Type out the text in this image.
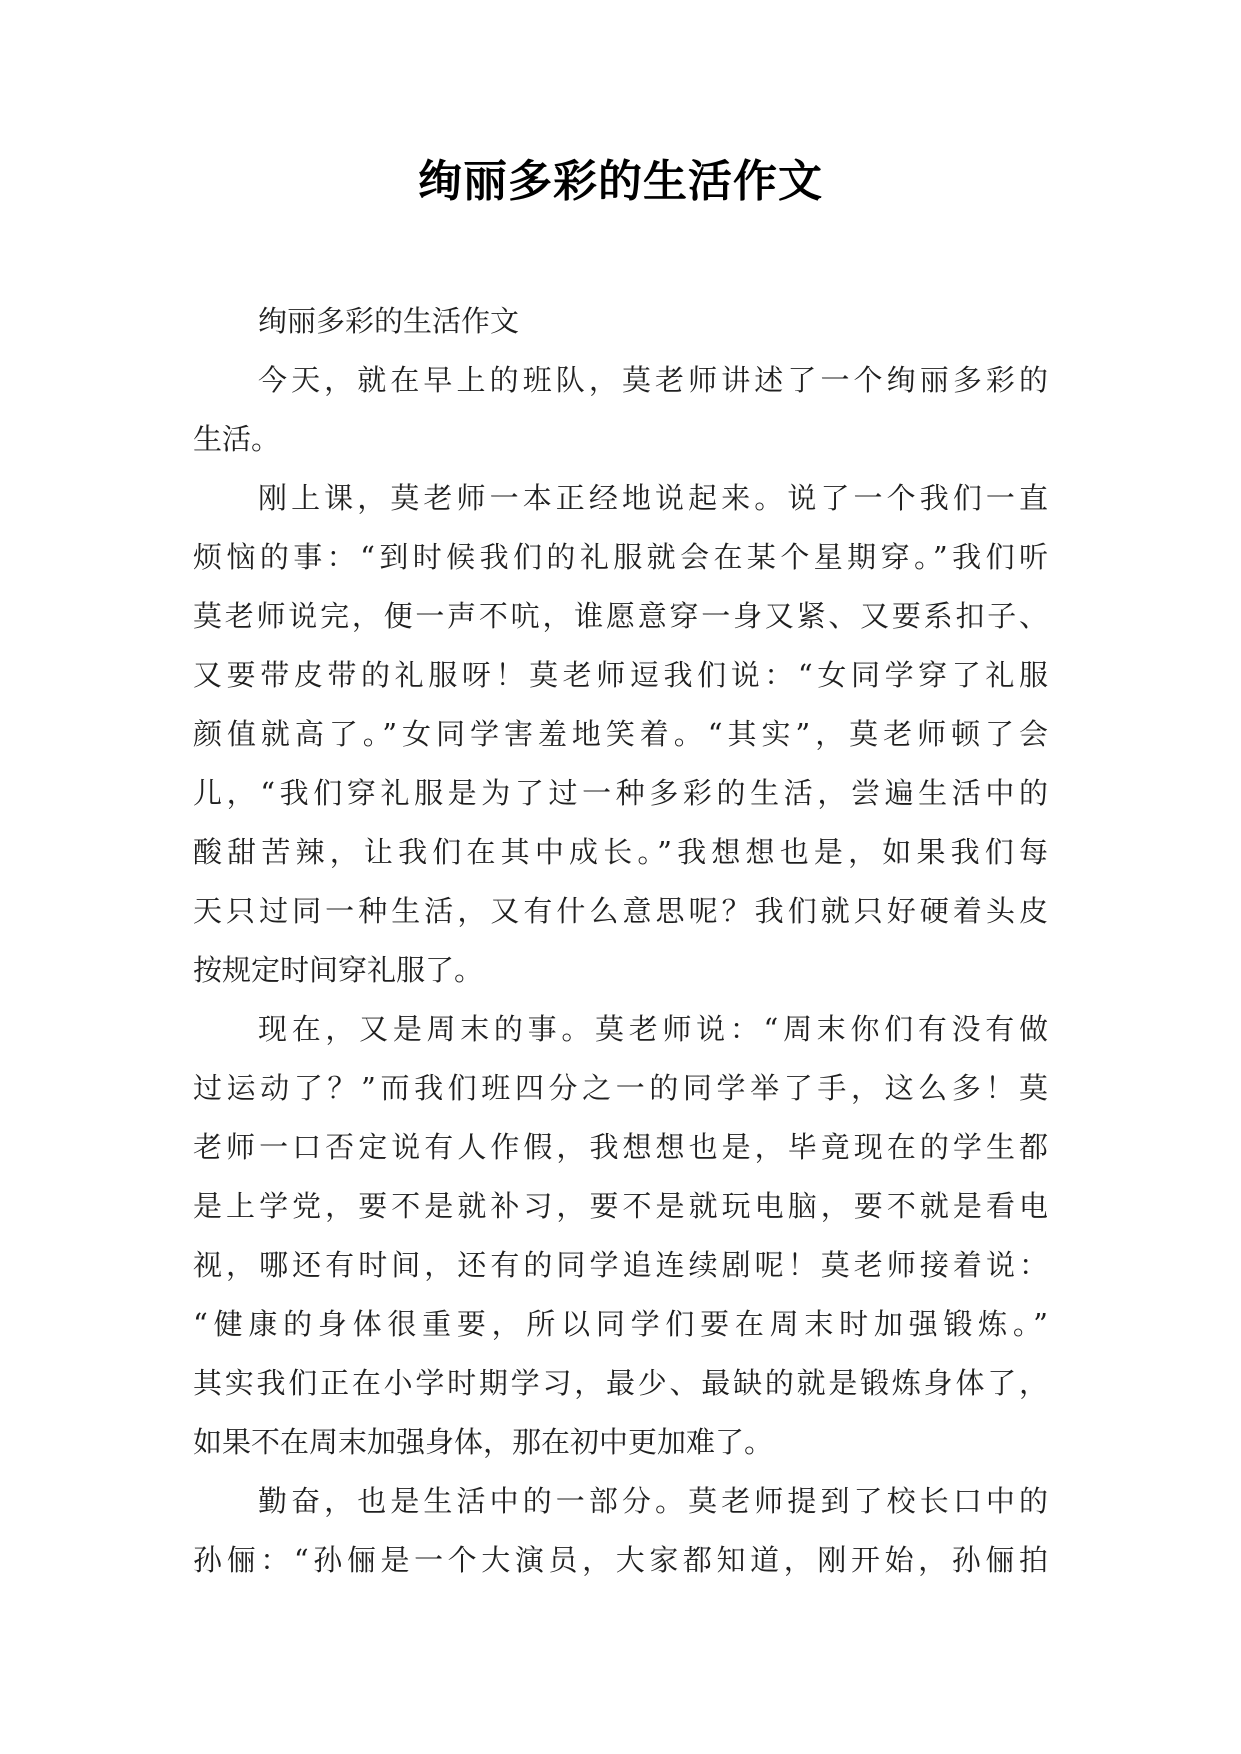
绚丽多彩的生活作文
绚丽多彩的生活作文
今天，就在早上的班队，莫老师讲述了一个绚丽多彩的
生活。
刚上课，莫老师一本正经地说起来。说了一个我们一直
烦恼的事：“到时候我们的礼服就会在某个星期穿。”我们听
莫老师说完，便一声不吭，谁愿意穿一身又紧、又要系扣子、
又要带皮带的礼服呀！莫老师逗我们说：“女同学穿了礼服
颜值就高了。”女同学害羞地笑着。“其实”，莫老师顿了会
儿，“我们穿礼服是为了过一种多彩的生活，尝遍生活中的
酸甜苦辣，让我们在其中成长。”我想想也是，如果我们每
天只过同一种生活，又有什么意思呢？我们就只好硬着头皮
按规定时间穿礼服了。
现在，又是周末的事。莫老师说：“周末你们有没有做
过运动了？”而我们班四分之一的同学举了手，这么多！莫
老师一口否定说有人作假，我想想也是，毕竟现在的学生都
是上学党，要不是就补习，要不是就玩电脑，要不就是看电
视，哪还有时间，还有的同学追连续剧呢！莫老师接着说：
“健康的身体很重要，所以同学们要在周末时加强锻炼。”
其实我们正在小学时期学习，最少、最缺的就是锻炼身体了，
如果不在周末加强身体，那在初中更加难了。
勤奋，也是生活中的一部分。莫老师提到了校长口中的
孙俪：“孙俪是一个大演员，大家都知道，刚开始，孙俪拍
